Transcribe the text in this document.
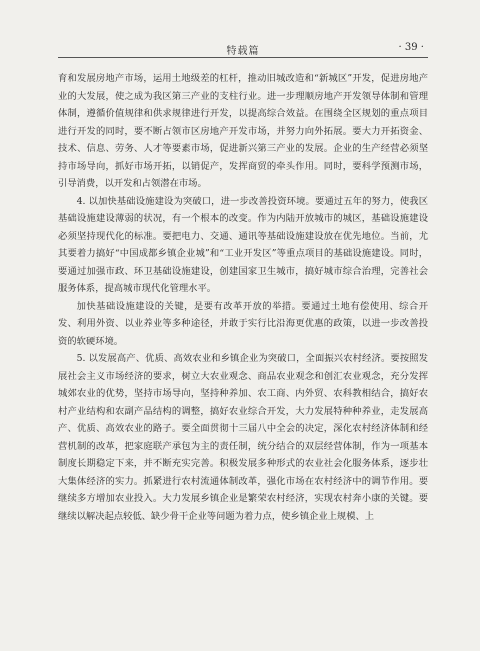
特载篇	· 39 ·

育和发展房地产市场，运用土地级差的杠杆，推动旧城改造和“新城区”开发，促进房地产业的大发展，使之成为我区第三产业的支柱行业。进一步理顺房地产开发领导体制和管理体制，遵循价值规律和供求规律进行开发，以提高综合效益。在围绕全区规划的重点项目进行开发的同时，要不断占领市区房地产开发市场，并努力向外拓展。要大力开拓资金、技术、信息、劳务、人才等要素市场，促进新兴第三产业的发展。企业的生产经营必须坚持市场导向，抓好市场开拓，以销促产，发挥商贸的牵头作用。同时，要科学预测市场，引导消费，以开发和占领潜在市场。

4. 以加快基础设施建设为突破口，进一步改善投资环境。要通过五年的努力，使我区基础设施建设薄弱的状况，有一个根本的改变。作为内陆开放城市的城区，基础设施建设必须坚持现代化的标准。要把电力、交通、通讯等基础设施建设放在优先地位。当前，尤其要着力搞好“中国成都乡镇企业城”和“工业开发区”等重点项目的基础设施建设。同时，要通过加强市政、环卫基础设施建设，创建国家卫生城市，搞好城市综合治理，完善社会服务体系，提高城市现代化管理水平。

加快基础设施建设的关键，是要有改革开放的举措。要通过土地有偿使用、综合开发、利用外资、以业养业等多种途径，并敢于实行比沿海更优惠的政策，以进一步改善投资的软硬环境。

5. 以发展高产、优质、高效农业和乡镇企业为突破口，全面振兴农村经济。要按照发展社会主义市场经济的要求，树立大农业观念、商品农业观念和创汇农业观念，充分发挥城郊农业的优势，坚持市场导向，坚持种养加、农工商、内外贸、农科教相结合，搞好农村产业结构和农副产品结构的调整，搞好农业综合开发，大力发展特种种养业，走发展高产、优质、高效农业的路子。要全面贯彻十三届八中全会的决定，深化农村经济体制和经营机制的改革，把家庭联产承包为主的责任制，统分结合的双层经营体制，作为一项基本制度长期稳定下来，并不断充实完善。积极发展多种形式的农业社会化服务体系，逐步壮大集体经济的实力。抓紧进行农村流通体制改革，强化市场在农村经济中的调节作用。要继续多方增加农业投入。大力发展乡镇企业是繁荣农村经济，实现农村奔小康的关键。要继续以解决起点较低、缺少骨干企业等问题为着力点，使乡镇企业上规模、上
